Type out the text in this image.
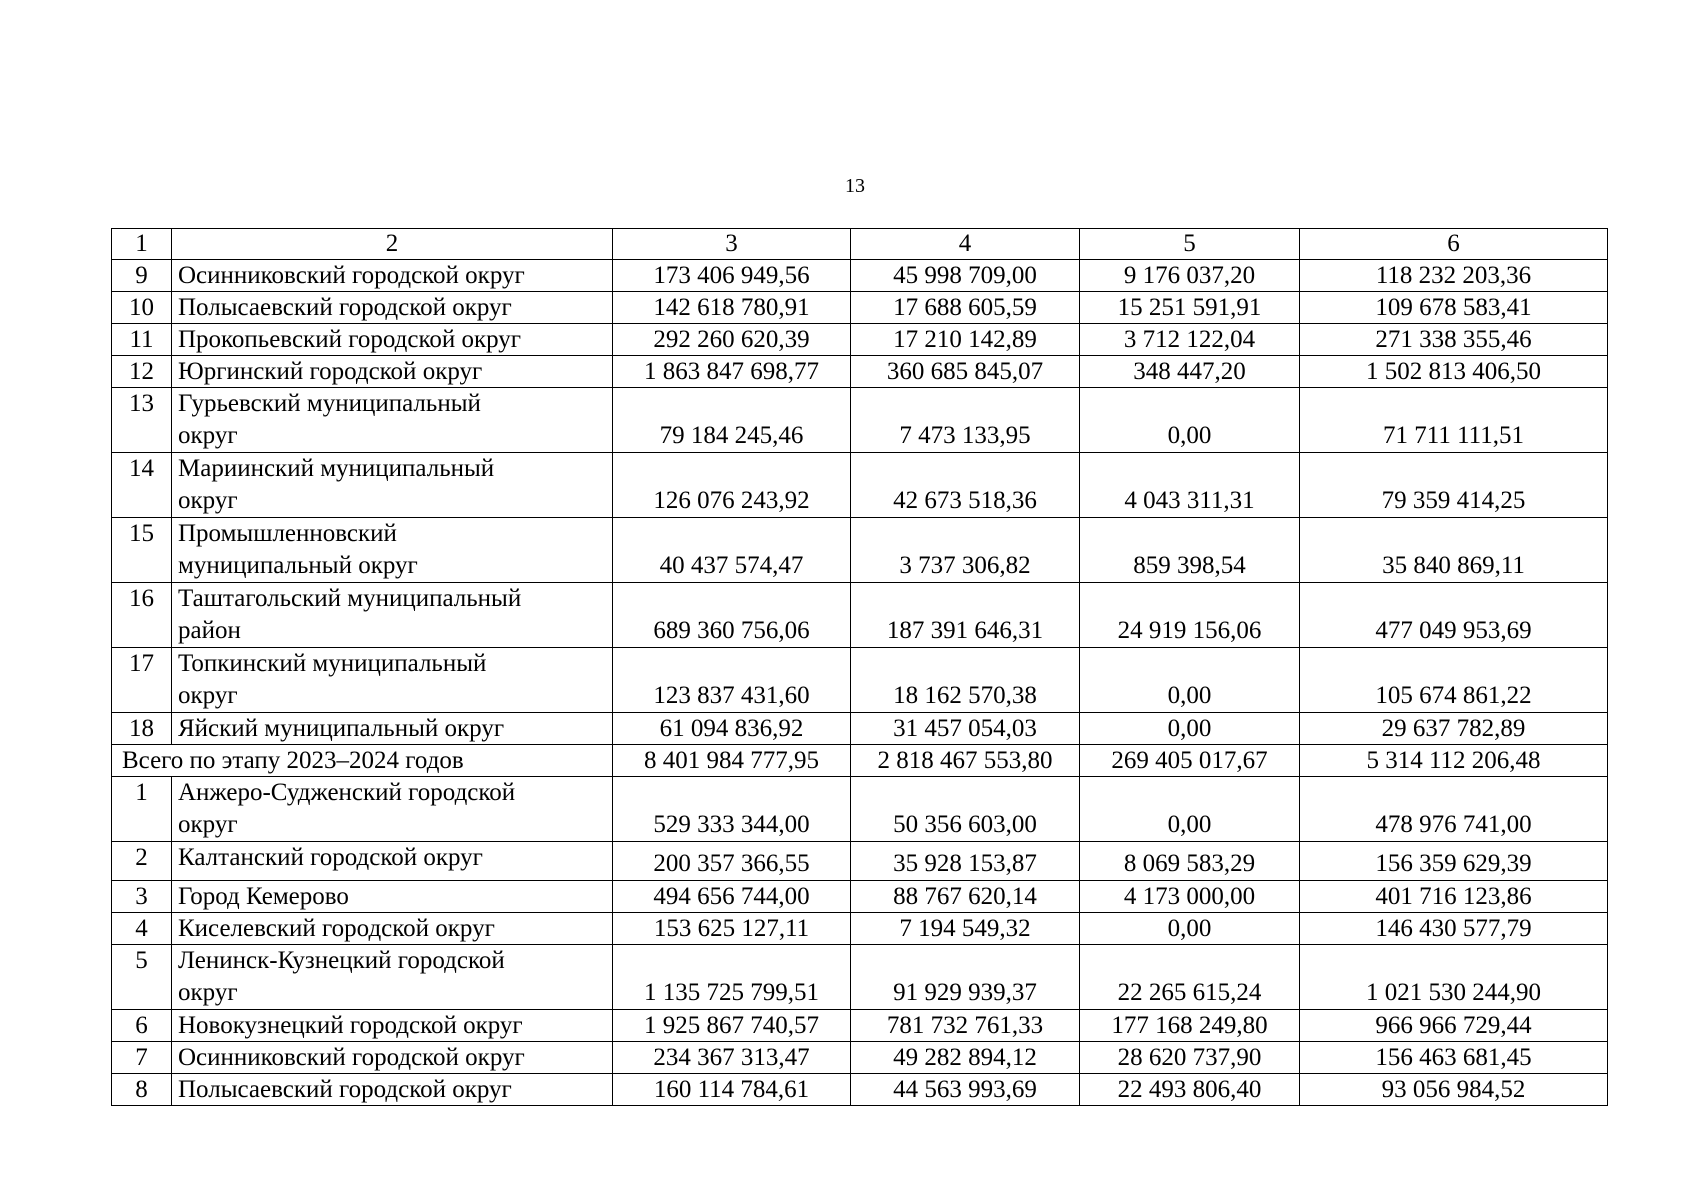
13
1	2	3	4	5	6
9	Осинниковский городской округ	173 406 949,56	45 998 709,00	9 176 037,20	118 232 203,36
10	Полысаевский городской округ	142 618 780,91	17 688 605,59	15 251 591,91	109 678 583,41
11	Прокопьевский городской округ	292 260 620,39	17 210 142,89	3 712 122,04	271 338 355,46
12	Юргинский городской округ	1 863 847 698,77	360 685 845,07	348 447,20	1 502 813 406,50
13	Гурьевский муниципальный
округ	79 184 245,46	7 473 133,95	0,00	71 711 111,51
14	Мариинский муниципальный
округ	126 076 243,92	42 673 518,36	4 043 311,31	79 359 414,25
15	Промышленновский
муниципальный округ	40 437 574,47	3 737 306,82	859 398,54	35 840 869,11
16	Таштагольский муниципальный
район	689 360 756,06	187 391 646,31	24 919 156,06	477 049 953,69
17	Топкинский муниципальный
округ	123 837 431,60	18 162 570,38	0,00	105 674 861,22
18	Яйский муниципальный округ	61 094 836,92	31 457 054,03	0,00	29 637 782,89
Всего по этапу 2023–2024 годов		8 401 984 777,95	2 818 467 553,80	269 405 017,67	5 314 112 206,48
1	Анжеро-Судженский городской
округ	529 333 344,00	50 356 603,00	0,00	478 976 741,00
2	Калтанский городской округ	200 357 366,55	35 928 153,87	8 069 583,29	156 359 629,39
3	Город Кемерово	494 656 744,00	88 767 620,14	4 173 000,00	401 716 123,86
4	Киселевский городской округ	153 625 127,11	7 194 549,32	0,00	146 430 577,79
5	Ленинск-Кузнецкий городской
округ	1 135 725 799,51	91 929 939,37	22 265 615,24	1 021 530 244,90
6	Новокузнецкий городской округ	1 925 867 740,57	781 732 761,33	177 168 249,80	966 966 729,44
7	Осинниковский городской округ	234 367 313,47	49 282 894,12	28 620 737,90	156 463 681,45
8	Полысаевский городской округ	160 114 784,61	44 563 993,69	22 493 806,40	93 056 984,52
